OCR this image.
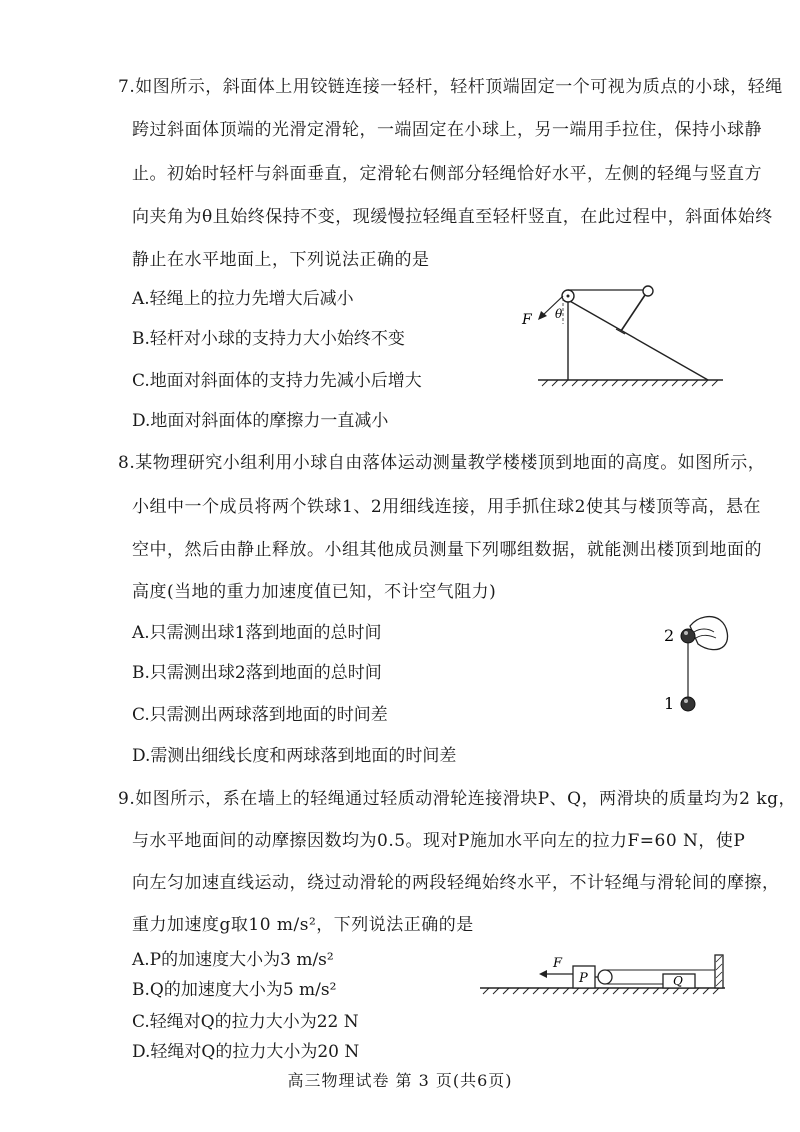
7.如图所示，斜面体上用铰链连接一轻杆，轻杆顶端固定一个可视为质点的小球，轻绳
跨过斜面体顶端的光滑定滑轮，一端固定在小球上，另一端用手拉住，保持小球静
止。初始时轻杆与斜面垂直，定滑轮右侧部分轻绳恰好水平，左侧的轻绳与竖直方
向夹角为θ且始终保持不变，现缓慢拉轻绳直至轻杆竖直，在此过程中，斜面体始终
静止在水平地面上，下列说法正确的是
A.轻绳上的拉力先增大后减小
B.轻杆对小球的支持力大小始终不变
C.地面对斜面体的支持力先减小后增大
D.地面对斜面体的摩擦力一直减小
F θ
8.某物理研究小组利用小球自由落体运动测量教学楼楼顶到地面的高度。如图所示，
小组中一个成员将两个铁球1、2用细线连接，用手抓住球2使其与楼顶等高，悬在
空中，然后由静止释放。小组其他成员测量下列哪组数据，就能测出楼顶到地面的
高度(当地的重力加速度值已知，不计空气阻力)
A.只需测出球1落到地面的总时间
B.只需测出球2落到地面的总时间
C.只需测出两球落到地面的时间差
D.需测出细线长度和两球落到地面的时间差
2
1
9.如图所示，系在墙上的轻绳通过轻质动滑轮连接滑块P、Q，两滑块的质量均为2 kg，
与水平地面间的动摩擦因数均为0.5。现对P施加水平向左的拉力F=60 N，使P
向左匀加速直线运动，绕过动滑轮的两段轻绳始终水平，不计轻绳与滑轮间的摩擦，
重力加速度g取10 m/s²，下列说法正确的是
A.P的加速度大小为3 m/s²
B.Q的加速度大小为5 m/s²
C.轻绳对Q的拉力大小为22 N
P	Q
F
D.轻绳对Q的拉力大小为20 N
高三物理试卷 第 3 页(共6页)
